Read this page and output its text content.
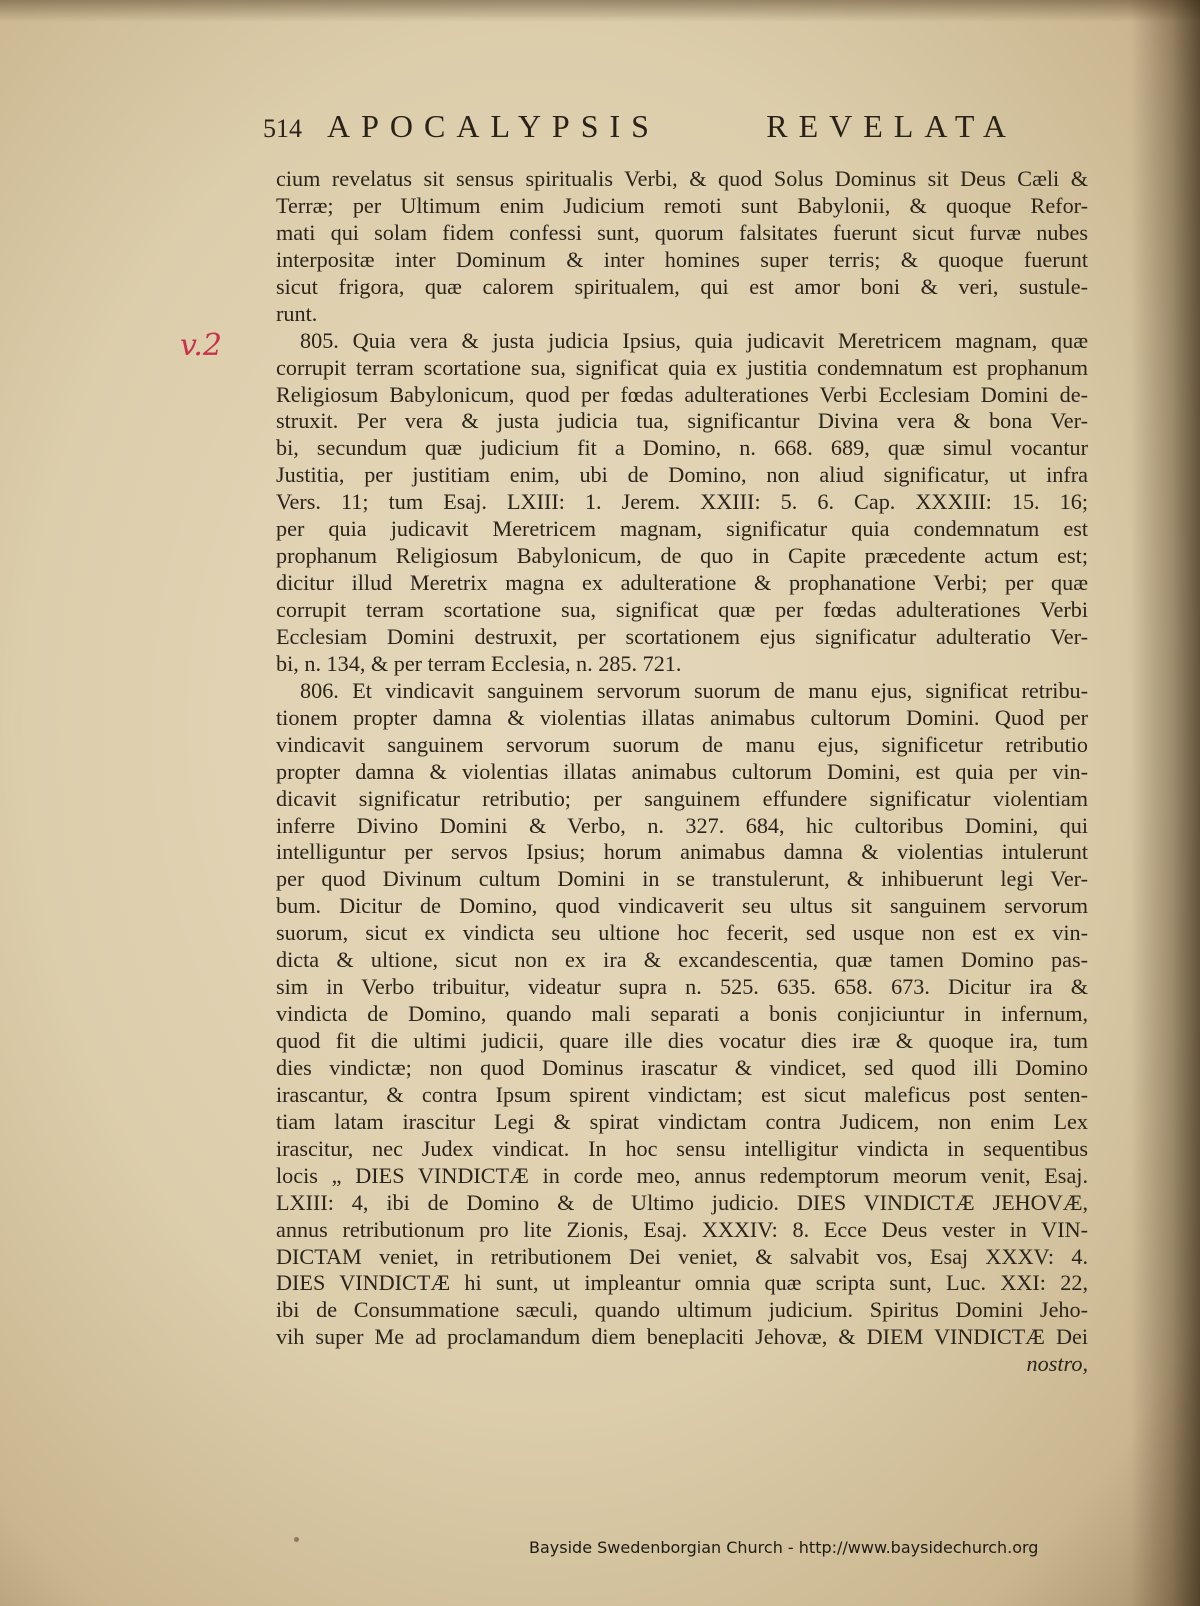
514 APOCALYPSIS REVELATA
v.2
cium revelatus sit sensus spiritualis Verbi, & quod Solus Dominus sit Deus Cæli &
Terræ; per Ultimum enim Judicium remoti sunt Babylonii, & quoque Refor-
mati qui solam fidem confessi sunt, quorum falsitates fuerunt sicut furvæ nubes
interpositæ inter Dominum & inter homines super terris; & quoque fuerunt
sicut frigora, quæ calorem spiritualem, qui est amor boni & veri, sustule-
runt.
805. Quia vera & justa judicia Ipsius, quia judicavit Meretricem magnam, quæ
corrupit terram scortatione sua, significat quia ex justitia condemnatum est prophanum
Religiosum Babylonicum, quod per fœdas adulterationes Verbi Ecclesiam Domini de-
struxit. Per vera & justa judicia tua, significantur Divina vera & bona Ver-
bi, secundum quæ judicium fit a Domino, n. 668. 689, quæ simul vocantur
Justitia, per justitiam enim, ubi de Domino, non aliud significatur, ut infra
Vers. 11; tum Esaj. LXIII: 1. Jerem. XXIII: 5. 6. Cap. XXXIII: 15. 16;
per quia judicavit Meretricem magnam, significatur quia condemnatum est
prophanum Religiosum Babylonicum, de quo in Capite præcedente actum est;
dicitur illud Meretrix magna ex adulteratione & prophanatione Verbi; per quæ
corrupit terram scortatione sua, significat quæ per fœdas adulterationes Verbi
Ecclesiam Domini destruxit, per scortationem ejus significatur adulteratio Ver-
bi, n. 134, & per terram Ecclesia, n. 285. 721.
806. Et vindicavit sanguinem servorum suorum de manu ejus, significat retribu-
tionem propter damna & violentias illatas animabus cultorum Domini. Quod per
vindicavit sanguinem servorum suorum de manu ejus, significetur retributio
propter damna & violentias illatas animabus cultorum Domini, est quia per vin-
dicavit significatur retributio; per sanguinem effundere significatur violentiam
inferre Divino Domini & Verbo, n. 327. 684, hic cultoribus Domini, qui
intelliguntur per servos Ipsius; horum animabus damna & violentias intulerunt
per quod Divinum cultum Domini in se transtulerunt, & inhibuerunt legi Ver-
bum. Dicitur de Domino, quod vindicaverit seu ultus sit sanguinem servorum
suorum, sicut ex vindicta seu ultione hoc fecerit, sed usque non est ex vin-
dicta & ultione, sicut non ex ira & excandescentia, quæ tamen Domino pas-
sim in Verbo tribuitur, videatur supra n. 525. 635. 658. 673. Dicitur ira &
vindicta de Domino, quando mali separati a bonis conjiciuntur in infernum,
quod fit die ultimi judicii, quare ille dies vocatur dies iræ & quoque ira, tum
dies vindictæ; non quod Dominus irascatur & vindicet, sed quod illi Domino
irascantur, & contra Ipsum spirent vindictam; est sicut maleficus post senten-
tiam latam irascitur Legi & spirat vindictam contra Judicem, non enim Lex
irascitur, nec Judex vindicat. In hoc sensu intelligitur vindicta in sequentibus
locis „ DIES VINDICTÆ in corde meo, annus redemptorum meorum venit, Esaj.
LXIII: 4, ibi de Domino & de Ultimo judicio. DIES VINDICTÆ JEHOVÆ,
annus retributionum pro lite Zionis, Esaj. XXXIV: 8. Ecce Deus vester in VIN-
DICTAM veniet, in retributionem Dei veniet, & salvabit vos, Esaj XXXV: 4.
DIES VINDICTÆ hi sunt, ut impleantur omnia quæ scripta sunt, Luc. XXI: 22,
ibi de Consummatione sæculi, quando ultimum judicium. Spiritus Domini Jeho-
vih super Me ad proclamandum diem beneplaciti Jehovæ, & DIEM VINDICTÆ Dei
nostro,
Bayside Swedenborgian Church - http://www.baysidechurch.org
